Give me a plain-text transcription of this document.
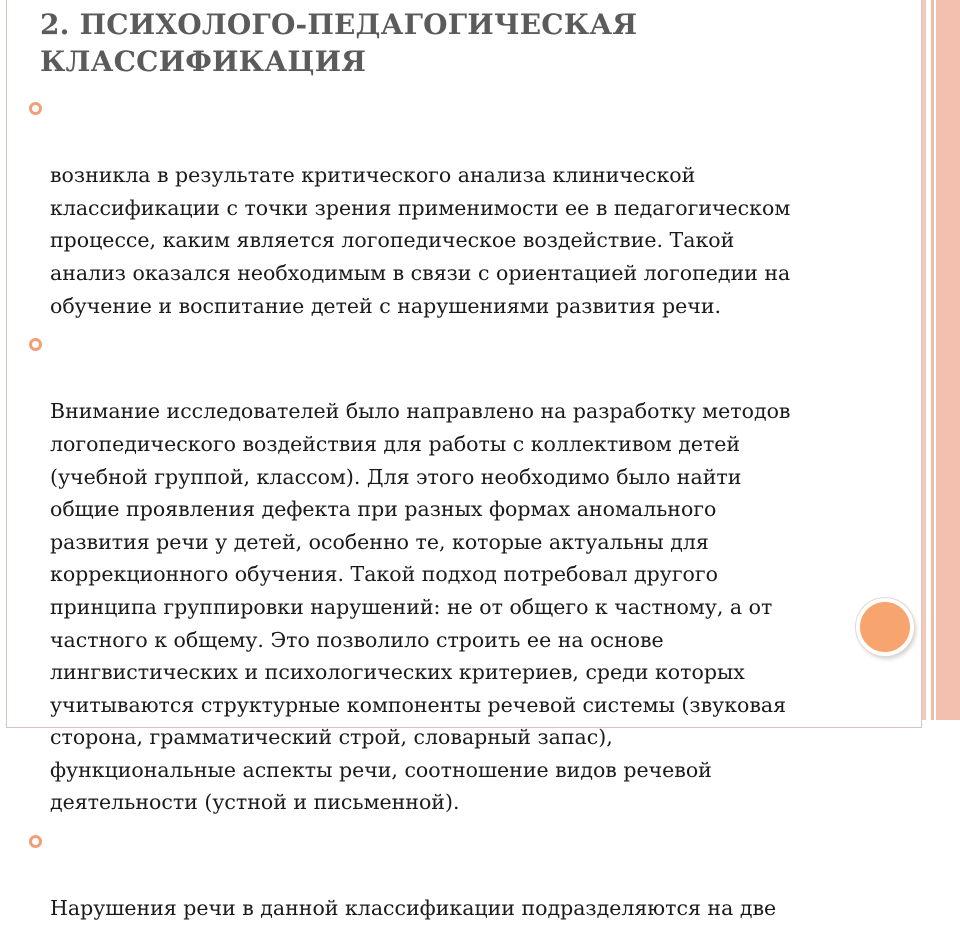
2. ПСИХОЛОГО-ПЕДАГОГИЧЕСКАЯ
КЛАССИФИКАЦИЯ

возникла в результате критического анализа клинической
классификации с точки зрения применимости ее в педагогическом
процессе, каким является логопедическое воздействие. Такой
анализ оказался необходимым в связи с ориентацией логопедии на
обучение и воспитание детей с нарушениями развития речи.

Внимание исследователей было направлено на разработку методов
логопедического воздействия для работы с коллективом детей
(учебной группой, классом). Для этого необходимо было найти
общие проявления дефекта при разных формах аномального
развития речи у детей, особенно те, которые актуальны для
коррекционного обучения. Такой подход потребовал другого
принципа группировки нарушений: не от общего к частному, а от
частного к общему. Это позволило строить ее на основе
лингвистических и психологических критериев, среди которых
учитываются структурные компоненты речевой системы (звуковая
сторона, грамматический строй, словарный запас),
функциональные аспекты речи, соотношение видов речевой
деятельности (устной и письменной).

Нарушения речи в данной классификации подразделяются на две
